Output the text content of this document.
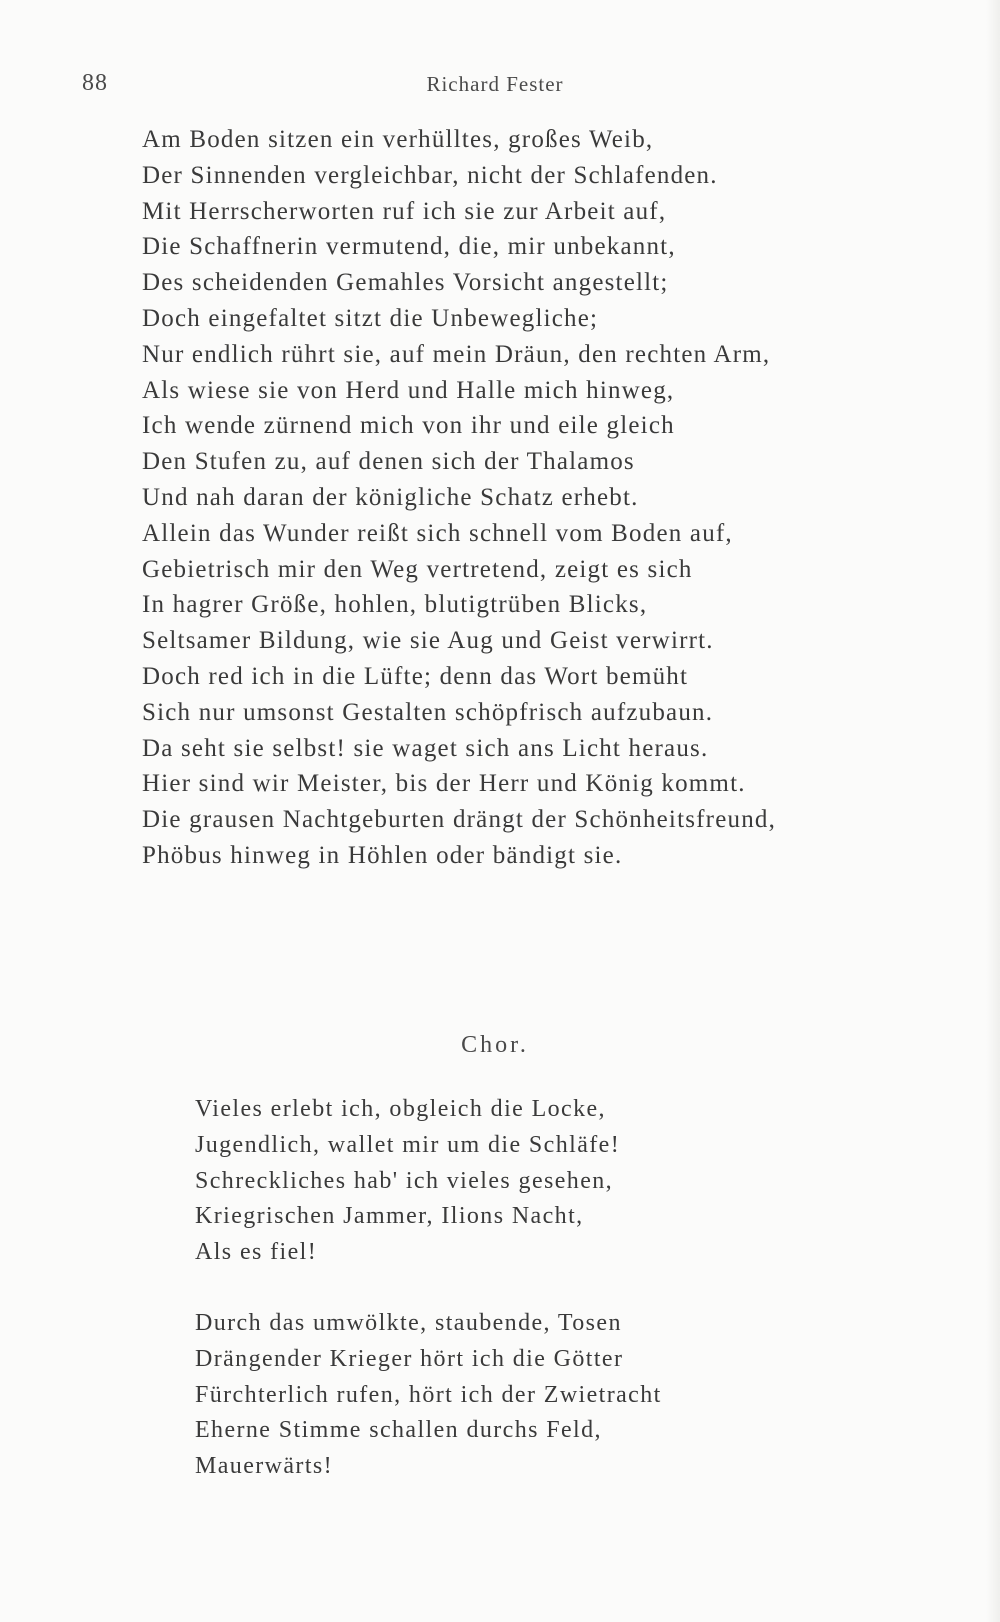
88	Richard Fester
Am Boden sitzen ein verhülltes, großes Weib,
Der Sinnenden vergleichbar, nicht der Schlafenden.
Mit Herrscherworten ruf ich sie zur Arbeit auf,
Die Schaffnerin vermutend, die, mir unbekannt,
Des scheidenden Gemahles Vorsicht angestellt;
Doch eingefaltet sitzt die Unbewegliche;
Nur endlich rührt sie, auf mein Dräun, den rechten Arm,
Als wiese sie von Herd und Halle mich hinweg,
Ich wende zürnend mich von ihr und eile gleich
Den Stufen zu, auf denen sich der Thalamos
Und nah daran der königliche Schatz erhebt.
Allein das Wunder reißt sich schnell vom Boden auf,
Gebietrisch mir den Weg vertretend, zeigt es sich
In hagrer Größe, hohlen, blutigtrüben Blicks,
Seltsamer Bildung, wie sie Aug und Geist verwirrt.
Doch red ich in die Lüfte; denn das Wort bemüht
Sich nur umsonst Gestalten schöpfrisch aufzubaun.
Da seht sie selbst! sie waget sich ans Licht heraus.
Hier sind wir Meister, bis der Herr und König kommt.
Die grausen Nachtgeburten drängt der Schönheitsfreund,
Phöbus hinweg in Höhlen oder bändigt sie.
Chor.
Vieles erlebt ich, obgleich die Locke,
Jugendlich, wallet mir um die Schläfe!
Schreckliches hab' ich vieles gesehen,
Kriegrischen Jammer, Ilions Nacht,
Als es fiel!
Durch das umwölkte, staubende, Tosen
Drängender Krieger hört ich die Götter
Fürchterlich rufen, hört ich der Zwietracht
Eherne Stimme schallen durchs Feld,
Mauerwärts!
